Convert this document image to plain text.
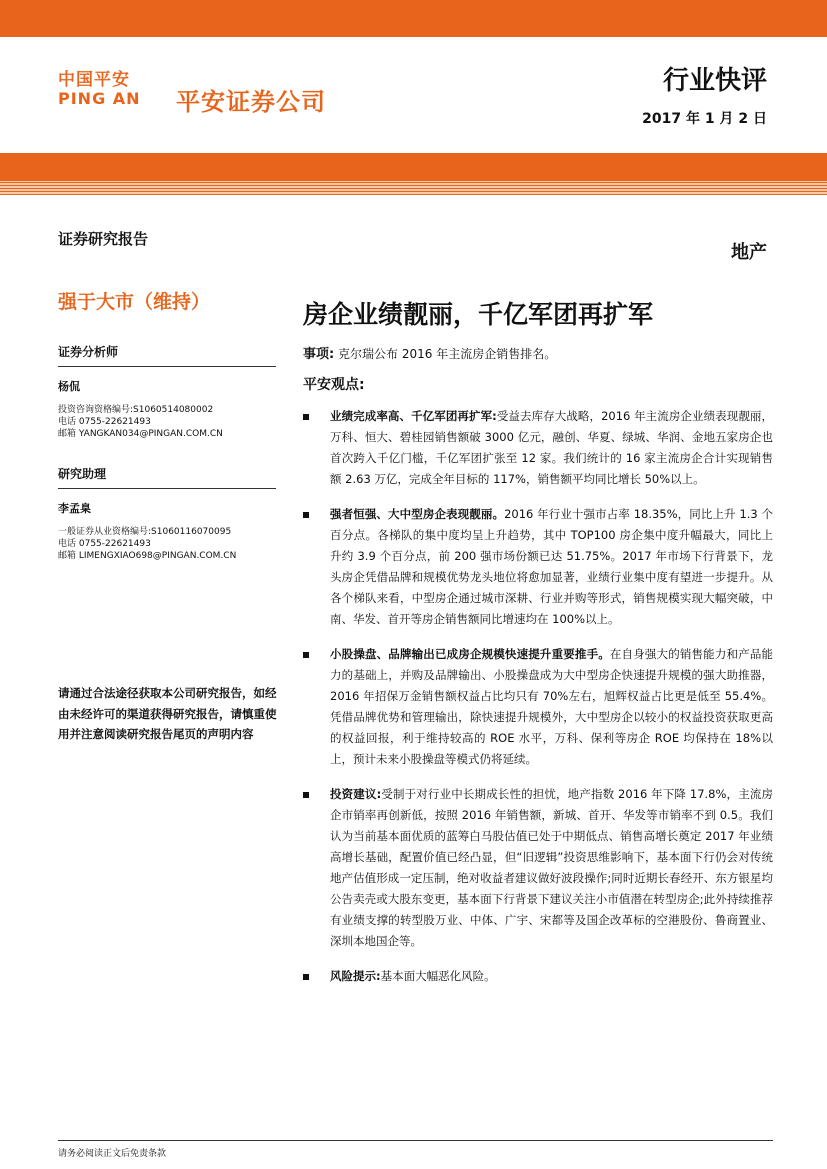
中国平安
PING AN 平安证券公司
行业快评
2017 年 1 月 2 日
证券研究报告
地产
强于大市（维持）	房企业绩靓丽，千亿军团再扩军
证券分析师
杨侃
投资咨询资格编号:S1060514080002
电话 0755-22621493
邮箱 YANGKAN034@PINGAN.COM.CN
研究助理
李孟臬
一般证券从业资格编号:S1060116070095
电话 0755-22621493
邮箱 LIMENGXIAO698@PINGAN.COM.CN
请通过合法途径获取本公司研究报告，如经由未经许可的渠道获得研究报告，请慎重使用并注意阅读研究报告尾页的声明内容
事项: 克尔瑞公布 2016 年主流房企销售排名。
平安观点:
业绩完成率高、千亿军团再扩军:受益去库存大战略，2016 年主流房企业绩表现靓丽，万科、恒大、碧桂园销售额破 3000 亿元，融创、华夏、绿城、华润、金地五家房企也首次跨入千亿门槛，千亿军团扩张至 12 家。我们统计的 16 家主流房企合计实现销售额 2.63 万亿，完成全年目标的 117%，销售额平均同比增长 50%以上。
强者恒强、大中型房企表现靓丽。2016 年行业十强市占率 18.35%，同比上升 1.3 个百分点。各梯队的集中度均呈上升趋势，其中 TOP100 房企集中度升幅最大，同比上升约 3.9 个百分点，前 200 强市场份额已达 51.75%。2017 年市场下行背景下，龙头房企凭借品牌和规模优势龙头地位将愈加显著，业绩行业集中度有望进一步提升。从各个梯队来看，中型房企通过城市深耕、行业并购等形式，销售规模实现大幅突破，中南、华发、首开等房企销售额同比增速均在 100%以上。
小股操盘、品牌输出已成房企规模快速提升重要推手。在自身强大的销售能力和产品能力的基础上，并购及品牌输出、小股操盘成为大中型房企快速提升规模的强大助推器，2016 年招保万金销售额权益占比均只有 70%左右，旭辉权益占比更是低至 55.4%。凭借品牌优势和管理输出，除快速提升规模外，大中型房企以较小的权益投资获取更高的权益回报，利于维持较高的 ROE 水平，万科、保利等房企 ROE 均保持在 18%以上，预计未来小股操盘等模式仍将延续。
投资建议:受制于对行业中长期成长性的担忧，地产指数 2016 年下降 17.8%，主流房企市销率再创新低，按照 2016 年销售额，新城、首开、华发等市销率不到 0.5。我们认为当前基本面优质的蓝筹白马股估值已处于中期低点、销售高增长奠定 2017 年业绩高增长基础，配置价值已经凸显，但“旧逻辑”投资思维影响下，基本面下行仍会对传统地产估值形成一定压制，绝对收益者建议做好波段操作;同时近期长春经开、东方银星均公告卖壳或大股东变更，基本面下行背景下建议关注小市值潜在转型房企;此外持续推荐有业绩支撑的转型股万业、中体、广宇、宋都等及国企改革标的空港股份、鲁商置业、深圳本地国企等。
风险提示:基本面大幅恶化风险。
请务必阅读正文后免责条款
